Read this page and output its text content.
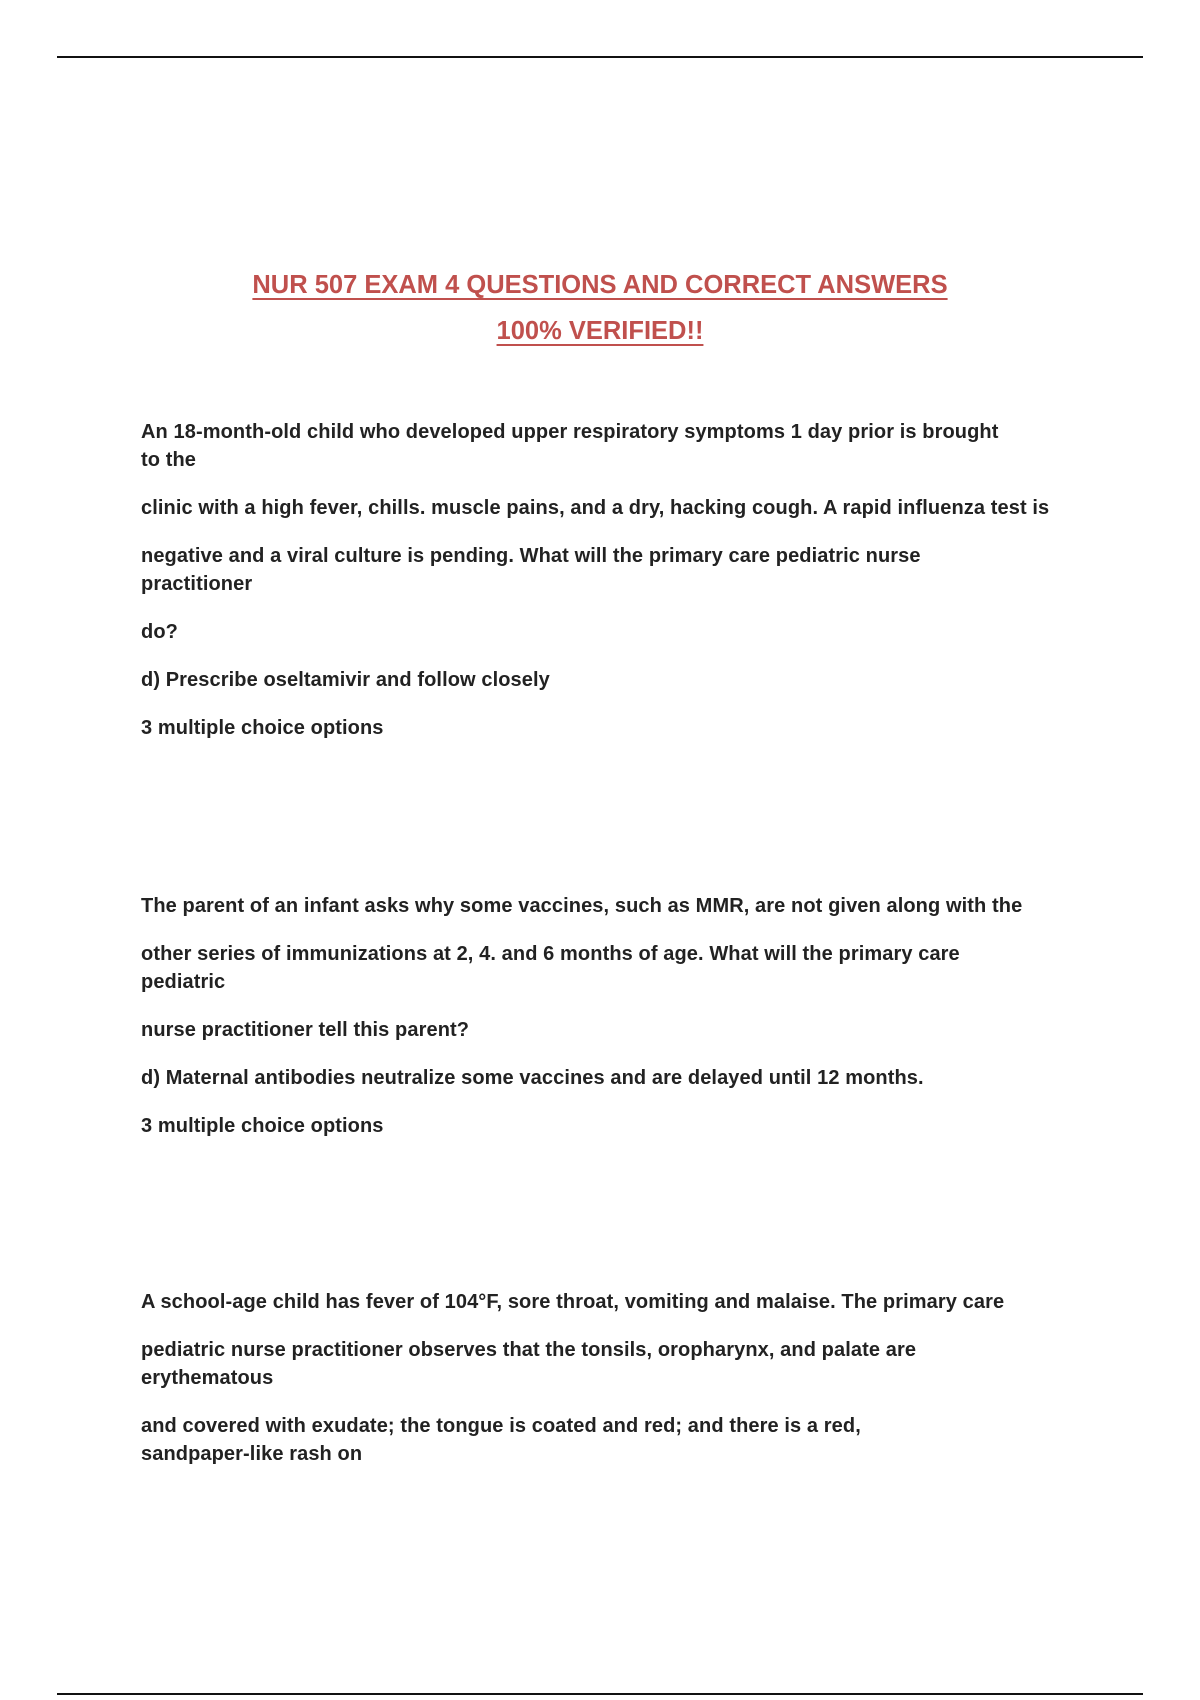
NUR 507 EXAM 4 QUESTIONS AND CORRECT ANSWERS
100% VERIFIED!!

An 18-month-old child who developed upper respiratory symptoms 1 day prior is brought to the

clinic with a high fever, chills. muscle pains, and a dry, hacking cough. A rapid influenza test is

negative and a viral culture is pending. What will the primary care pediatric nurse practitioner

do?

d) Prescribe oseltamivir and follow closely

3 multiple choice options

The parent of an infant asks why some vaccines, such as MMR, are not given along with the

other series of immunizations at 2, 4. and 6 months of age. What will the primary care pediatric

nurse practitioner tell this parent?

d) Maternal antibodies neutralize some vaccines and are delayed until 12 months.

3 multiple choice options

A school-age child has fever of 104°F, sore throat, vomiting and malaise. The primary care

pediatric nurse practitioner observes that the tonsils, oropharynx, and palate are erythematous

and covered with exudate; the tongue is coated and red; and there is a red, sandpaper-like rash on
